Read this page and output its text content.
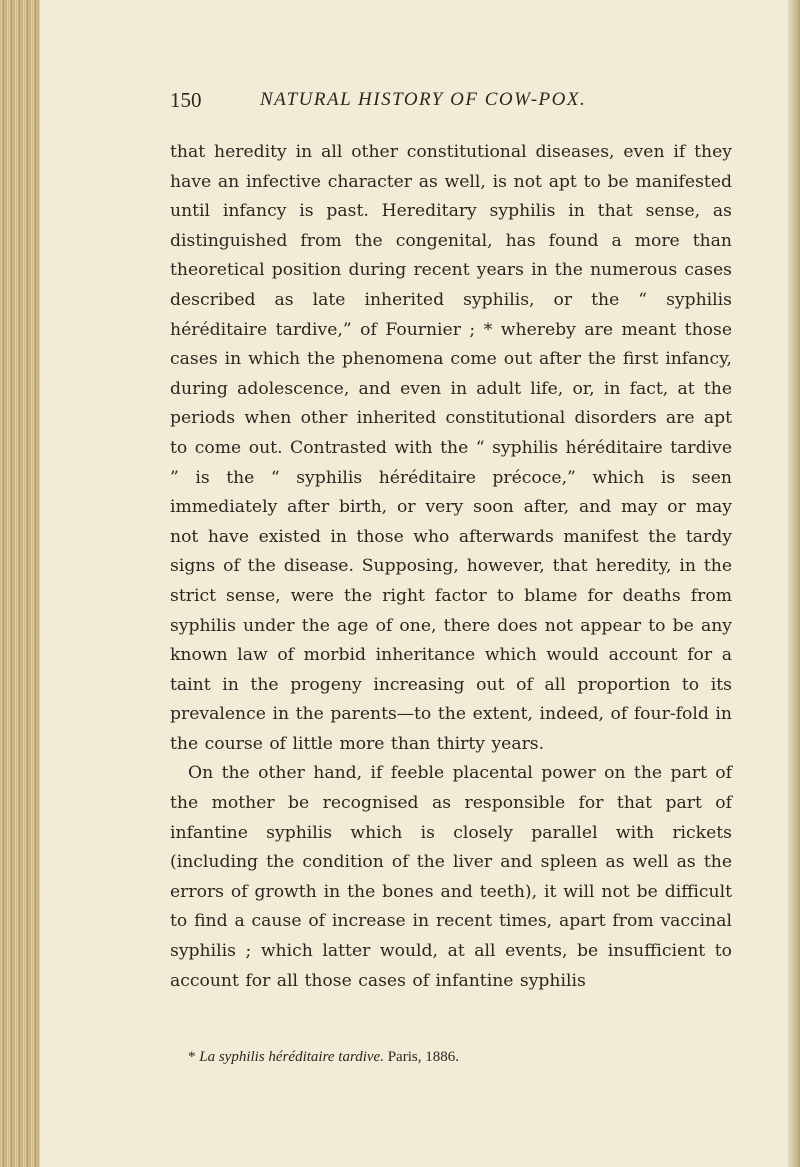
150	NATURAL HISTORY OF COW-POX.

that heredity in all other constitutional diseases, even if they have an infective character as well, is not apt to be manifested until infancy is past. Hereditary syphilis in that sense, as distinguished from the congenital, has found a more than theoretical position during recent years in the numerous cases described as late inherited syphilis, or the “ syphilis héréditaire tardive,” of Fournier ; * whereby are meant those cases in which the phenomena come out after the first infancy, during adolescence, and even in adult life, or, in fact, at the periods when other inherited constitutional disorders are apt to come out. Contrasted with the “ syphilis héréditaire tardive ” is the “ syphilis héréditaire précoce,” which is seen immediately after birth, or very soon after, and may or may not have existed in those who afterwards manifest the tardy signs of the disease. Supposing, however, that heredity, in the strict sense, were the right factor to blame for deaths from syphilis under the age of one, there does not appear to be any known law of morbid inheritance which would account for a taint in the progeny increasing out of all proportion to its prevalence in the parents—to the extent, indeed, of four-fold in the course of little more than thirty years.

On the other hand, if feeble placental power on the part of the mother be recognised as responsible for that part of infantine syphilis which is closely parallel with rickets (including the condition of the liver and spleen as well as the errors of growth in the bones and teeth), it will not be difficult to find a cause of increase in recent times, apart from vaccinal syphilis ; which latter would, at all events, be insufficient to account for all those cases of infantine syphilis

* La syphilis héréditaire tardive. Paris, 1886.
